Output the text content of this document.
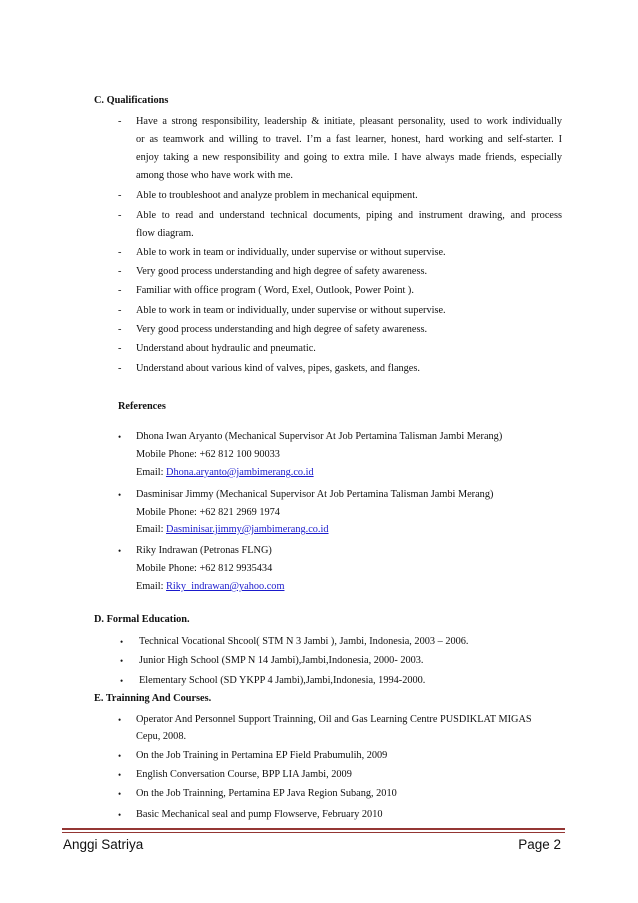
C. Qualifications
- Have a strong responsibility, leadership & initiate, pleasant personality, used to work individually
or as teamwork and willing to travel. I’m a fast learner, honest, hard working and self-starter. I
enjoy taking a new responsibility and going to extra mile. I have always made friends, especially
among those who have work with me.
- Able to troubleshoot and analyze problem in mechanical equipment.
- Able to read and understand technical documents, piping and instrument drawing, and process
flow diagram.
- Able to work in team or individually, under supervise or without supervise.
- Very good process understanding and high degree of safety awareness.
- Familiar with office program ( Word, Exel, Outlook, Power Point ).
- Able to work in team or individually, under supervise or without supervise.
- Very good process understanding and high degree of safety awareness.
- Understand about hydraulic and pneumatic.
- Understand about various kind of valves, pipes, gaskets, and flanges.
References
• Dhona Iwan Aryanto (Mechanical Supervisor At Job Pertamina Talisman Jambi Merang)
Mobile Phone: +62 812 100 90033
Email: Dhona.aryanto@jambimerang.co.id
• Dasminisar Jimmy (Mechanical Supervisor At Job Pertamina Talisman Jambi Merang)
Mobile Phone: +62 821 2969 1974
Email: Dasminisar.jimmy@jambimerang.co.id
• Riky Indrawan (Petronas FLNG)
Mobile Phone: +62 812 9935434
Email: Riky_indrawan@yahoo.com
D. Formal Education.
• Technical Vocational Shcool( STM N 3 Jambi ), Jambi, Indonesia, 2003 – 2006.
• Junior High School (SMP N 14 Jambi),Jambi,Indonesia, 2000- 2003.
• Elementary School (SD YKPP 4 Jambi),Jambi,Indonesia, 1994-2000.
E. Trainning And Courses.
• Operator And Personnel Support Trainning, Oil and Gas Learning Centre PUSDIKLAT MIGAS
Cepu, 2008.
• On the Job Training in Pertamina EP Field Prabumulih, 2009
• English Conversation Course, BPP LIA Jambi, 2009
• On the Job Trainning, Pertamina EP Java Region Subang, 2010
• Basic Mechanical seal and pump Flowserve, February 2010
Anggi Satriya	Page 2
